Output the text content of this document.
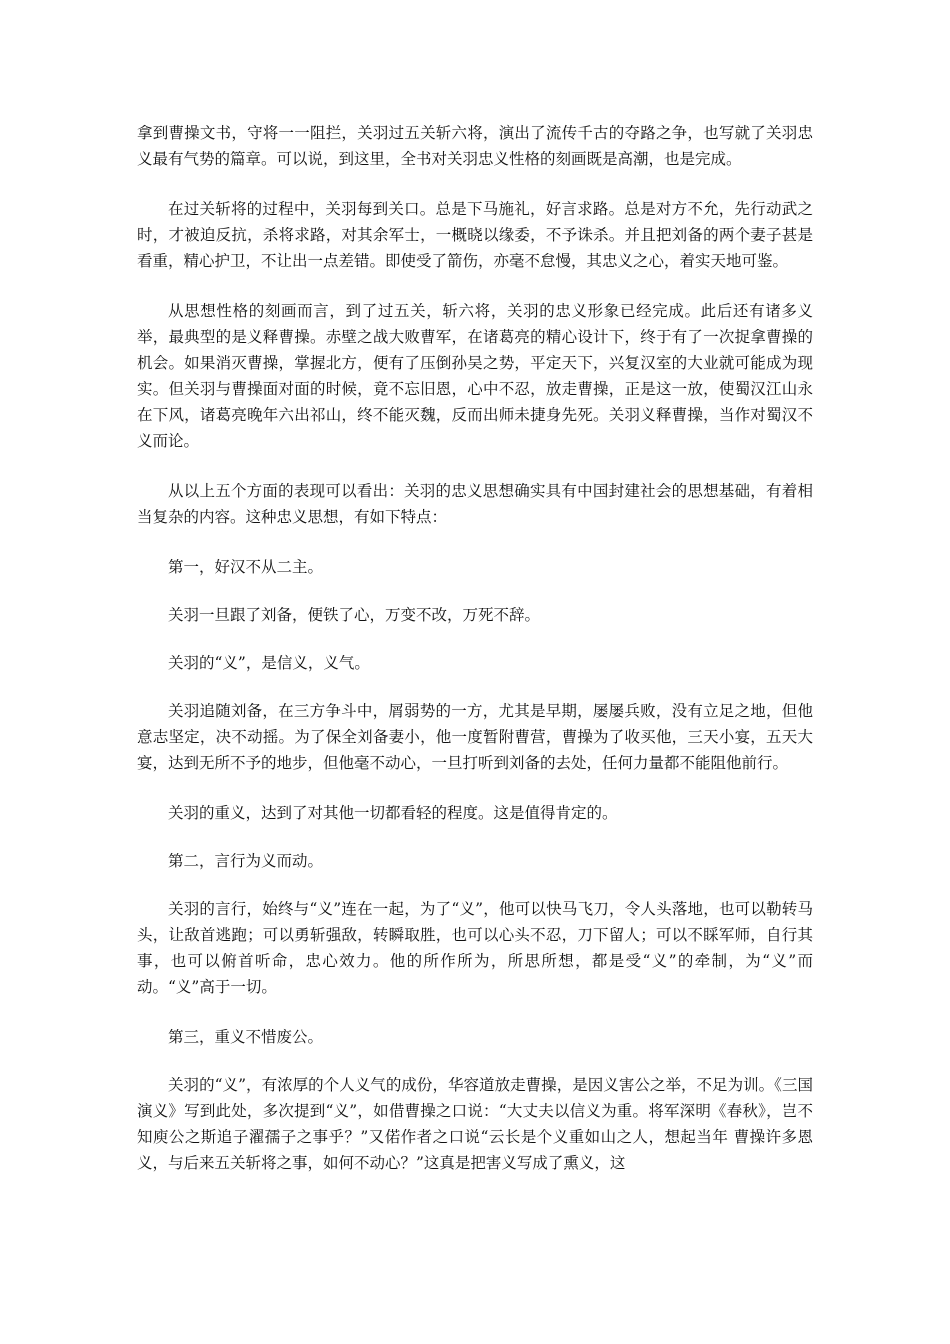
拿到曹操文书，守将一一阻拦，关羽过五关斩六将，演出了流传千古的夺路之争，也写就了关羽忠义最有气势的篇章。可以说，到这里，全书对关羽忠义性格的刻画既是高潮，也是完成。

在过关斩将的过程中，关羽每到关口。总是下马施礼，好言求路。总是对方不允，先行动武之时，才被迫反抗，杀将求路，对其余军士，一概晓以缘委，不予诛杀。并且把刘备的两个妻子甚是看重，精心护卫，不让出一点差错。即使受了箭伤，亦毫不怠慢，其忠义之心，着实天地可鉴。

从思想性格的刻画而言，到了过五关，斩六将，关羽的忠义形象已经完成。此后还有诸多义举，最典型的是义释曹操。赤壁之战大败曹军，在诸葛亮的精心设计下，终于有了一次捉拿曹操的机会。如果消灭曹操，掌握北方，便有了压倒孙吴之势，平定天下，兴复汉室的大业就可能成为现实。但关羽与曹操面对面的时候，竟不忘旧恩，心中不忍，放走曹操，正是这一放，使蜀汉江山永在下风，诸葛亮晚年六出祁山，终不能灭魏，反而出师未捷身先死。关羽义释曹操，当作对蜀汉不义而论。

从以上五个方面的表现可以看出：关羽的忠义思想确实具有中国封建社会的思想基础，有着相当复杂的内容。这种忠义思想，有如下特点：

第一，好汉不从二主。

关羽一旦跟了刘备，便铁了心，万变不改，万死不辞。

关羽的“义”，是信义，义气。

关羽追随刘备，在三方争斗中，屑弱势的一方，尤其是早期，屡屡兵败，没有立足之地，但他意志坚定，决不动摇。为了保全刘备妻小，他一度暂附曹营，曹操为了收买他，三天小宴，五天大宴，达到无所不予的地步，但他毫不动心，一旦打听到刘备的去处，任何力量都不能阻他前行。

关羽的重义，达到了对其他一切都看轻的程度。这是值得肯定的。

第二，言行为义而动。

关羽的言行，始终与“义”连在一起，为了“义”，他可以快马飞刀，令人头落地，也可以勒转马头，让敌首逃跑；可以勇斩强敌，转瞬取胜，也可以心头不忍，刀下留人；可以不睬军师，自行其事，也可以俯首听命，忠心效力。他的所作所为，所思所想，都是受“义”的牵制，为“义”而动。“义”高于一切。

第三，重义不惜废公。

关羽的“义”，有浓厚的个人义气的成份，华容道放走曹操，是因义害公之举，不足为训。《三国演义》写到此处，多次提到“义”，如借曹操之口说：“大丈夫以信义为重。将军深明《春秋》，岂不知庾公之斯追子濯孺子之事乎？”又偌作者之口说“云长是个义重如山之人，想起当年 曹操许多恩义，与后来五关斩将之事，如何不动心？”这真是把害义写成了熏义，这
